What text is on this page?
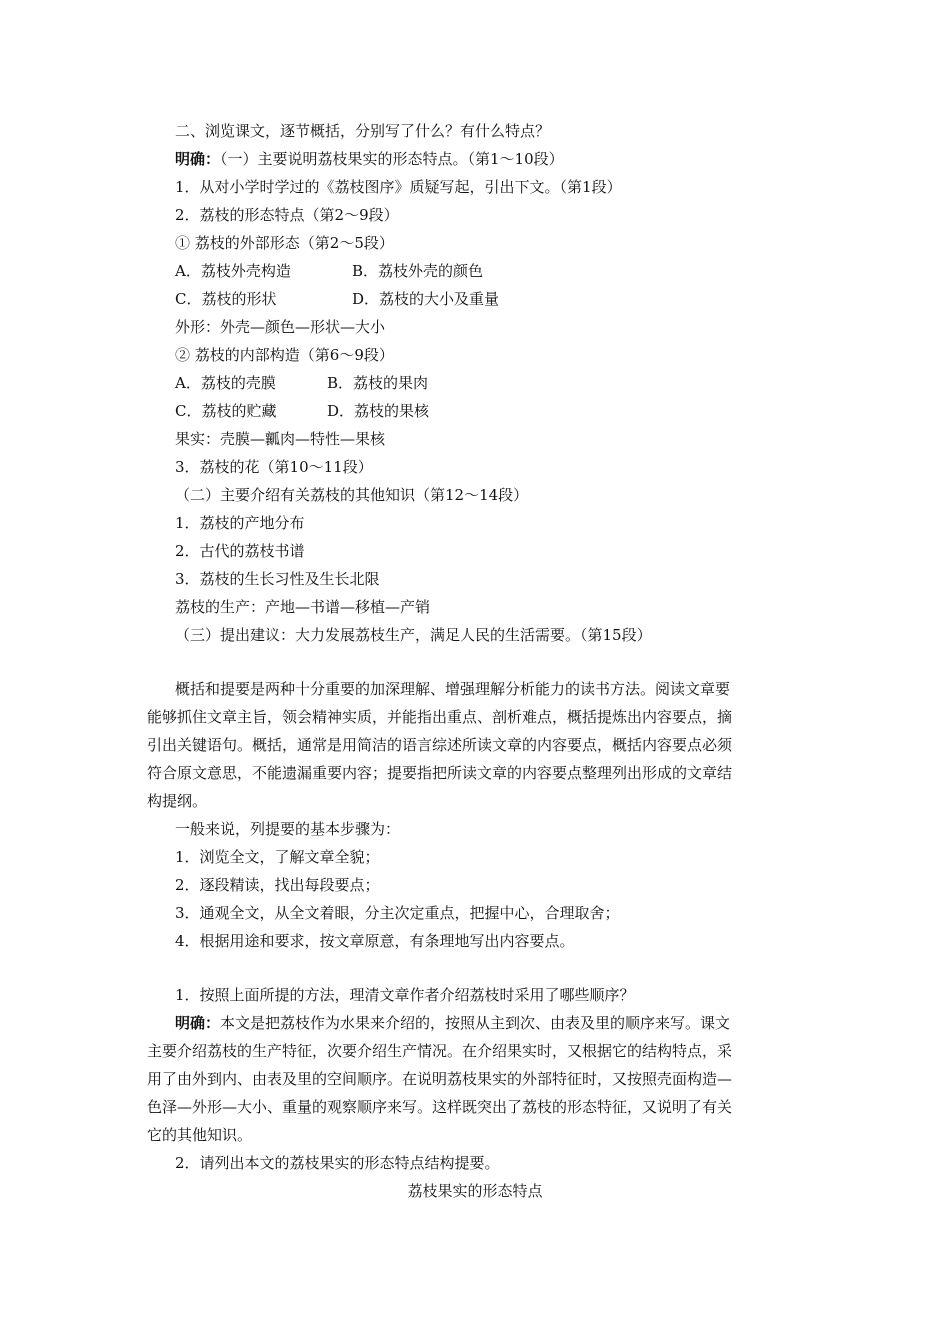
二、浏览课文，逐节概括，分别写了什么？有什么特点？
明确：（一）主要说明荔枝果实的形态特点。（第1～10段）
1．从对小学时学过的《荔枝图序》质疑写起，引出下文。（第1段）
2．荔枝的形态特点（第2～9段）
① 荔枝的外部形态（第2～5段）
A．荔枝外壳构造	B．荔枝外壳的颜色
C．荔枝的形状	D．荔枝的大小及重量
外形：外壳—颜色—形状—大小
② 荔枝的内部构造（第6～9段）
A．荔枝的壳膜	B．荔枝的果肉
C．荔枝的贮藏	D．荔枝的果核
果实：壳膜—瓤肉—特性—果核
3．荔枝的花（第10～11段）
（二）主要介绍有关荔枝的其他知识（第12～14段）
1．荔枝的产地分布
2．古代的荔枝书谱
3．荔枝的生长习性及生长北限
荔枝的生产：产地—书谱—移植—产销
（三）提出建议：大力发展荔枝生产，满足人民的生活需要。（第15段）
概括和提要是两种十分重要的加深理解、增强理解分析能力的读书方法。阅读文章要
能够抓住文章主旨，领会精神实质，并能指出重点、剖析难点，概括提炼出内容要点，摘
引出关键语句。概括，通常是用简洁的语言综述所读文章的内容要点，概括内容要点必须
符合原文意思，不能遗漏重要内容；提要指把所读文章的内容要点整理列出形成的文章结
构提纲。
一般来说，列提要的基本步骤为：
1．浏览全文，了解文章全貌；
2．逐段精读，找出每段要点；
3．通观全文，从全文着眼，分主次定重点，把握中心，合理取舍；
4．根据用途和要求，按文章原意，有条理地写出内容要点。
1．按照上面所提的方法，理清文章作者介绍荔枝时采用了哪些顺序？
明确：本文是把荔枝作为水果来介绍的，按照从主到次、由表及里的顺序来写。课文
主要介绍荔枝的生产特征，次要介绍生产情况。在介绍果实时，又根据它的结构特点，采
用了由外到内、由表及里的空间顺序。在说明荔枝果实的外部特征时，又按照壳面构造—
色泽—外形—大小、重量的观察顺序来写。这样既突出了荔枝的形态特征，又说明了有关
它的其他知识。
2．请列出本文的荔枝果实的形态特点结构提要。
荔枝果实的形态特点
